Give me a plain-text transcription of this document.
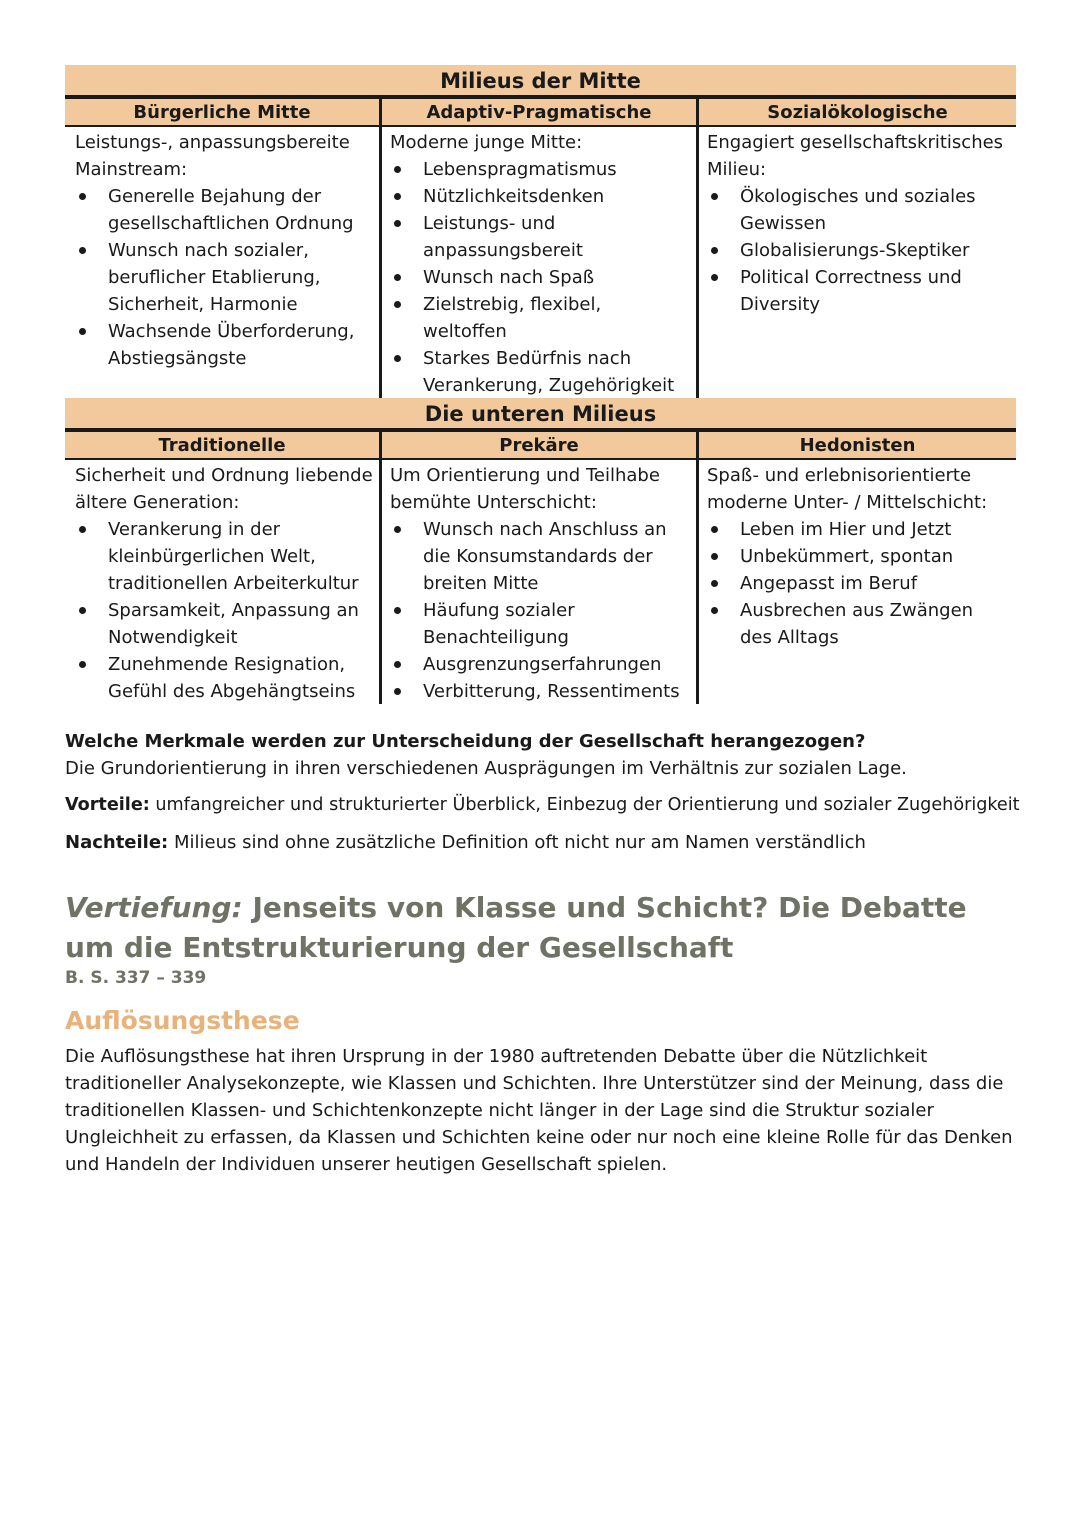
Milieus der Mitte
Bürgerliche Mitte

Leistungs-, anpassungsbereite Mainstream:

Generelle Bejahung der gesellschaftlichen Ordnung
Wunsch nach sozialer, beruflicher Etablierung, Sicherheit, Harmonie
Wachsende Überforderung, Abstiegsängste
Adaptiv-Pragmatische

Moderne junge Mitte:

Lebenspragmatismus
Nützlichkeitsdenken
Leistungs- und anpassungsbereit
Wunsch nach Spaß
Zielstrebig, flexibel, weltoffen
Starkes Bedürfnis nach Verankerung, Zugehörigkeit
Sozialökologische

Engagiert gesellschaftskritisches Milieu:

Ökologisches und soziales Gewissen
Globalisierungs-Skeptiker
Political Correctness und Diversity
Die unteren Milieus
Traditionelle

Sicherheit und Ordnung liebende ältere Generation:

Verankerung in der kleinbürgerlichen Welt, traditionellen Arbeiterkultur
Sparsamkeit, Anpassung an Notwendigkeit
Zunehmende Resignation, Gefühl des Abgehängtseins
Prekäre

Um Orientierung und Teilhabe bemühte Unterschicht:

Wunsch nach Anschluss an die Konsumstandards der breiten Mitte
Häufung sozialer Benachteiligung
Ausgrenzungserfahrungen
Verbitterung, Ressentiments
Hedonisten

Spaß- und erlebnisorientierte moderne Unter- / Mittelschicht:

Leben im Hier und Jetzt
Unbekümmert, spontan
Angepasst im Beruf
Ausbrechen aus Zwängen des Alltags
Welche Merkmale werden zur Unterscheidung der Gesellschaft herangezogen?
Die Grundorientierung in ihren verschiedenen Ausprägungen im Verhältnis zur sozialen Lage.
Vorteile: umfangreicher und strukturierter Überblick, Einbezug der Orientierung und sozialer Zugehörigkeit
Nachteile: Milieus sind ohne zusätzliche Definition oft nicht nur am Namen verständlich
Vertiefung: Jenseits von Klasse und Schicht? Die Debatte um die Entstrukturierung der Gesellschaft
B. S. 337 – 339
Auflösungsthese

Die Auflösungsthese hat ihren Ursprung in der 1980 auftretenden Debatte über die Nützlichkeit traditioneller Analysekonzepte, wie Klassen und Schichten. Ihre Unterstützer sind der Meinung, dass die traditionellen Klassen- und Schichtenkonzepte nicht länger in der Lage sind die Struktur sozialer Ungleichheit zu erfassen, da Klassen und Schichten keine oder nur noch eine kleine Rolle für das Denken und Handeln der Individuen unserer heutigen Gesellschaft spielen.
